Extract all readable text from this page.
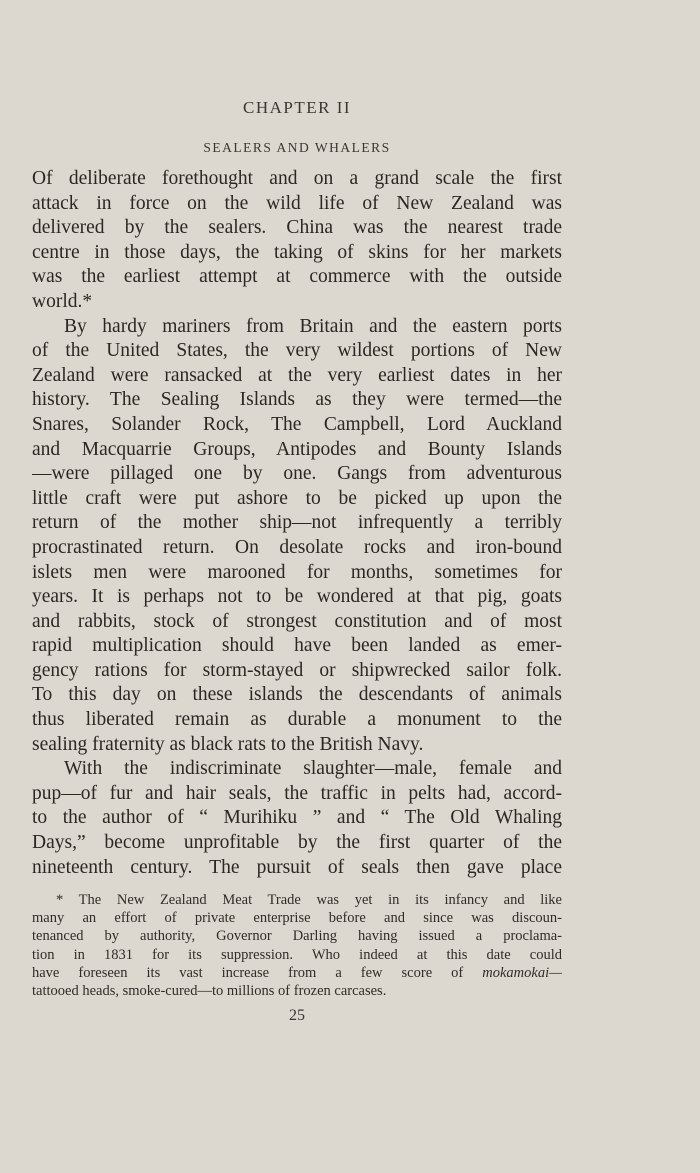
CHAPTER II
SEALERS AND WHALERS
Of deliberate forethought and on a grand scale the first
attack in force on the wild life of New Zealand was
delivered by the sealers. China was the nearest trade
centre in those days, the taking of skins for her markets
was the earliest attempt at commerce with the outside
world.*
By hardy mariners from Britain and the eastern ports
of the United States, the very wildest portions of New
Zealand were ransacked at the very earliest dates in her
history. The Sealing Islands as they were termed—the
Snares, Solander Rock, The Campbell, Lord Auckland
and Macquarrie Groups, Antipodes and Bounty Islands
—were pillaged one by one. Gangs from adventurous
little craft were put ashore to be picked up upon the
return of the mother ship—not infrequently a terribly
procrastinated return. On desolate rocks and iron-bound
islets men were marooned for months, sometimes for
years. It is perhaps not to be wondered at that pig, goats
and rabbits, stock of strongest constitution and of most
rapid multiplication should have been landed as emer-
gency rations for storm-stayed or shipwrecked sailor folk.
To this day on these islands the descendants of animals
thus liberated remain as durable a monument to the
sealing fraternity as black rats to the British Navy.
With the indiscriminate slaughter—male, female and
pup—of fur and hair seals, the traffic in pelts had, accord-
to the author of “ Murihiku ” and “ The Old Whaling
Days,” become unprofitable by the first quarter of the
nineteenth century. The pursuit of seals then gave place
* The New Zealand Meat Trade was yet in its infancy and like
many an effort of private enterprise before and since was discoun-
tenanced by authority, Governor Darling having issued a proclama-
tion in 1831 for its suppression. Who indeed at this date could
have foreseen its vast increase from a few score of mokamokai—
tattooed heads, smoke-cured—to millions of frozen carcases.
25
